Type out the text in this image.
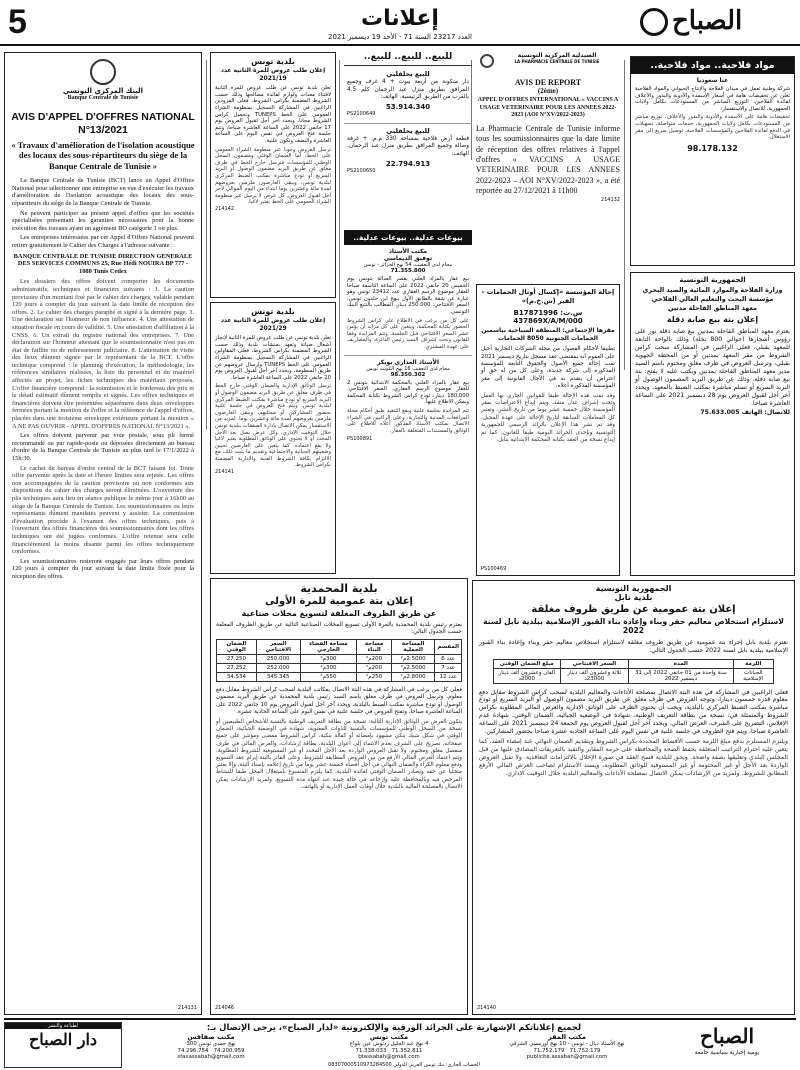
5	إعلانات
العدد 23217 السنة 71 - الأحد 19 ديسمبر 2021
الصباح
مواد فلاحية.. مواد فلاحية..
عنا سعوديا
شركة وطنية تعمل في ميدان الفلاحة والإنتاج الحيواني والمواد الفلاحية تعلن عن تخفيضات هامة في أسعار الأسمدة والأدوية والبذور والأعلاف لفائدة الفلاحين، التوزيع المباشر من المستودعات بكامل ولايات الجمهورية، للاتصال والاستفسار:
تخفيضات هامة على الأسمدة والأدوية والبذور والأعلاف، توزيع مباشر من المستودعات بكامل ولايات الجمهورية، خدمات متواصلة، تسهيلات في الدفع لفائدة الفلاحين والمؤسسات الفلاحية، توصيل سريع إلى مقر الاستغلال.
98.178.132
الجمهورية التونسية
وزارة الفلاحة والموارد المائية والصيد البحري
مؤسسة البحث والتعليم العالي الفلاحي
معهد المناطق القاحلة مدنين
إعلان بتة بيع صابة دقلة
يعتزم معهد المناطق القاحلة بمدنين بيع صابة دقلة نور على رؤوس أشجارها (حوالي 800 نخلة) وذلك بالواحة التابعة للمعهد بقبلي، فعلى الراغبين في المشاركة سحب كراس الشروط من مقر المعهد بمدنين أو من المحطة الجهوية بقبلي، وترسل العروض في ظرف مغلق ومختوم باسم السيد مدير معهد المناطق القاحلة بمدنين ويكتب عليه لا يفتح: بتة بيع صابة دقلة، وذلك عن طريق البريد المضمون الوصول أو البريد السريع أو تسلم مباشرة بمكتب الضبط بالمعهد، ويحدد آخر أجل لقبول العروض يوم 28 ديسمبر 2021 على الساعة العاشرة صباحا.
للاتصال: الهاتف 75.633.005
الصيدلية المركزية التونسية
LA PHARMACIE CENTRALE DE TUNISIE
AVIS DE REPORT
(2ème)
APPEL D'OFFRES INTERNATIONAL « VACCINS A USAGE VETERINAIRE POUR LES ANNEES 2022-2023 (AOI N°XV/2022-2023)
La Pharmacie Centrale de Tunisie informe tous les soumissionnaires que la date limite de réception des offres relatives à l'appel d'offres « VACCINS A USAGE VETERINAIRE POUR LES ANNEES 2022-2023 – AOI N°XV/2022-2023 », a été reportée au 27/12/2021 à 11h00
214132
إحالة المؤسسة «إكسال أوتال الحمامات - الفير (ش.خ.م)»
س.ت: B17871996
437869X/A/M/000
مقرها الإجتماعي: المنطقة السياحية بياسمين الحمامات الجنوبية 8050 الحمامات
تطبيقا لأحكام الفصول من مجلة الشركات التجارية أحيل على العموم أنه بمقتضى عقد مسجل بتاريخ ديسمبر 2021 تمت إحالة جميع الأصول والحقوق التابعة للمؤسسة المذكورة إلى شركة جديدة، وعلى كل من له حق أو اعتراض أن يتقدم به في الآجال القانونية إلى مقر المؤسسة المذكورة أعلاه.
وقد تمت هذه الإحالة طبقا للقوانين الجاري بها العمل وتحت إشراف عدل منفذ، ويتم إيداع الاعتراضات بمقر المؤسسة خلال خمسة عشر يوما من تاريخ النشر، وتعتبر كل المعاملات السابقة لتاريخ الإحالة على عهدة المحيل، وقد تم نشر هذا الإعلان بالرائد الرسمي للجمهورية التونسية وبإحدى الجرائد اليومية طبقا للقانون، كما تم إيداع نسخة من العقد بكتابة المحكمة الابتدائية بنابل.
PS100469
للبيع.. للبيع.. للبيع..
للبيع بحلقلبي
دار متكونة من أربعة بيوت + 4 غرف وجميع المرافق بطريق منزل عبد الرحمان كلم 4.5 بالقرب من الطريق الرئيسية. الهاتف:
53.914.340
PS2100649
للبيع بحلقلبي
قطعة أرض فلاحية بمساحة 330 م.م. + غرفة وصالة وجميع المرافق بطريق منزل عبد الرحمان. الهاتف:
22.794.913
PS2100650
بيوعات عدلية.. بيوعات عدلية..
مكتب الأستاذ
توفيق الديماسي
محام لدى التعقيب، 54 نهج الجزائر - تونس
71.355.800
بيع عقار بالمزاد العلني بقصر العدالة بتونس يوم الخميس 20 جانفي 2022 على الساعة التاسعة صباحا للعقار موضوع الرسم العقاري عدد 23412 تونس وهو عبارة عن شقة بالطابق الأول بنهج ابن خلدون تونس، السعر الافتتاحي: 250.000 دينار، المطالب بالتتبع البنك التونسي.
على كل من يرغب في الاطلاع على كراس الشروط الحضور بكتابة المحكمة، ويتعين على كل مزايد أن يؤمن عشر السعر الافتتاحي قبل الجلسة، وتتم المزايدة وفقا للقانون وتحت إشراف السيد رئيس الدائرة، والمصاريف على عهدة المشتري.
الأستاذ العذاري بوبكر
محام لدى التعقيب 16 نهج الكويت تونس
98.350.302
بيع عقار بالمزاد العلني بالمحكمة الابتدائية بتونس 2 للعقار موضوع الرسم العقاري، السعر الافتتاحي: 180.000 دينار، تودع كراس الشروط بكتابة المحكمة ويمكن الاطلاع عليها.
تتم المزايدة بجلسة علنية ويقع التنفيذ طبق أحكام مجلة المرافعات المدنية والتجارية، وعلى الراغبين في الشراء الاتصال بمكتب الأستاذ المذكور أعلاه للاطلاع على الوثائق والمستندات المتعلقة بالعقار.
PS100891
بلدية تونس
إعلان طلب عروض للمرة الثانية عدد 2021/19
تعلن بلدية تونس عن طلب عروض للمرة الثانية لاقتناء معدات ولوازم لفائدة مصالحها وذلك حسب الشروط المضمنة بكراس الشروط، فعلى المزودين الراغبين في المشاركة التسجيل بمنظومة الشراء العمومي على الخط TUNEPS وتحميل كراس الشروط مجانا، ويحدد آخر أجل لقبول العروض يوم 17 جانفي 2022 على الساعة العاشرة صباحا، وتتم جلسة فتح العروض في نفس اليوم على الساعة العاشرة والنصف وتكون علنية.
ترسل العروض وجوبا عبر منظومة الشراء العمومي على الخط، أما الضمان الوقتي ومضمون السجل الوطني للمؤسسات فترسل خارج الخط في ظرف مغلق عن طريق البريد مضمون الوصول أو البريد السريع أو تودع مباشرة بمكتب الضبط المركزي لبلدية تونس، ويبقى العارضون ملزمين بعروضهم لمدة مائة وعشرين يوما ابتداء من اليوم الموالي لآخر أجل لقبول العروض. كل عرض لا يرسل عبر منظومة الشراء العمومي على الخط يعتبر لاغيا.
214142
بلدية تونس
إعلان طلب عروض للمرة الثانية عدد 2021/29
تعلن بلدية تونس عن طلب عروض للمرة الثانية لإنجاز أشغال صيانة وتعهد بمنشآت بلدية وذلك حسب الشروط المضمنة بكراس الشروط، فعلى المقاولين الراغبين في المشاركة التسجيل بمنظومة الشراء العمومي على الخط TUNEPS وإرسال عروضهم عن طريق المنظومة، ويحدد آخر أجل لقبول العروض يوم 20 جانفي 2022 على الساعة العاشرة صباحا.
ترسل الوثائق الإدارية والضمان الوقتي خارج الخط في ظرف مغلق عن طريق البريد مضمون الوصول أو البريد السريع أو تودع مباشرة بمكتب الضبط المركزي لبلدية تونس. ويتم فتح العروض في جلسة علنية بحضور المشاركين أو ممثليهم، ويبقى العارضون ملزمين بعروضهم لمدة مائة وعشرين يوما. لمزيد من الاستفسار يمكن الاتصال بإدارة الصفقات ببلدية تونس خلال التوقيت الإداري، وكل عرض يصل بعد الأجل المحدد أو لا يحتوي على الوثائق المطلوبة يعتبر لاغيا ولا يقع اعتماده. كما يتعين على العارضين تحيين وضعيتهم الجبائية والاجتماعية وتقديم ما يثبت ذلك، مع الالتزام بكافة الشروط الفنية والإدارية المضمنة بكراس الشروط.
214141
البنك المركزي التونسي
Banque Centrale de Tunisie
AVIS D'APPEL D'OFFRES NATIONAL N°13/2021
« Travaux d'amélioration de l'isolation acoustique des locaux des sous-répartiteurs du siège de la Banque Centrale de Tunisie »

La Banque Centrale de Tunisie (BCT) lance un Appel d'Offres National pour sélectionner une entreprise en vue d'exécuter les travaux d'amélioration de l'isolation acoustique des locaux des sous-répartiteurs du siège de la Banque Centrale de Tunisie.

Ne peuvent participer au présent appel d'offres que les sociétés spécialisées présentant les garanties nécessaires pour la bonne exécution des travaux ayant un agrément BO catégorie 1 ou plus.

Les entreprises intéressées par cet Appel d'Offres National peuvent retirer gratuitement le Cahier des Charges à l'adresse suivante :

BANQUE CENTRALE DE TUNISIE DIRECTION GENERALE DES SERVICES COMMUNS 25, Rue Hédi NOUIRA BP 777 - 1080 Tunis Cedex

Les dossiers des offres doivent comporter les documents administratifs, techniques et financiers suivants : 1. La caution provisoire d'un montant fixé par le cahier des charges, valable pendant 120 jours à compter du jour suivant la date limite de réception des offres. 2. Le cahier des charges paraphé et signé à la dernière page. 3. Une déclaration sur l'honneur de non influence. 4. Une attestation de situation fiscale en cours de validité. 5. Une attestation d'affiliation à la CNSS. 6. Un extrait du registre national des entreprises. 7. Une déclaration sur l'honneur attestant que le soumissionnaire n'est pas en état de faillite ou de redressement judiciaire. 8. L'attestation de visite des lieux dûment signée par le représentant de la BCT. L'offre technique comprend : le planning d'exécution, la méthodologie, les références similaires réalisées, la liste du personnel et du matériel affectés au projet, les fiches techniques des matériaux proposés. L'offre financière comprend : la soumission et le bordereau des prix et le détail estimatif dûment remplis et signés. Les offres techniques et financières doivent être présentées séparément dans deux enveloppes fermées portant la mention de l'offre et la référence de l'appel d'offres, placées dans une troisième enveloppe extérieure portant la mention « A NE PAS OUVRIR - APPEL D'OFFRES NATIONAL N°13/2021 ».

Les offres doivent parvenir par voie postale, sous pli fermé recommandé ou par rapide-poste ou déposées directement au bureau d'ordre de la Banque Centrale de Tunisie au plus tard le 17/1/2022 à 15h:30.

Le cachet du bureau d'ordre central de la BCT faisant foi. Toute offre parvenue après la date et l'heure limites sera rejetée. Les offres non accompagnées de la caution provisoire ou non conformes aux dispositions du cahier des charges seront éliminées. L'ouverture des plis techniques aura lieu en séance publique le même jour à 16h00 au siège de la Banque Centrale de Tunisie. Les soumissionnaires ou leurs représentants dûment mandatés peuvent y assister. La commission d'évaluation procède à l'examen des offres techniques, puis à l'ouverture des offres financières des soumissionnaires dont les offres techniques ont été jugées conformes. L'offre retenue sera celle financièrement la moins disante parmi les offres techniquement conformes.

Les soumissionnaires resteront engagés par leurs offres pendant 120 jours à compter du jour suivant la date limite fixée pour la réception des offres.

214131
بلدية المحمدية
إعلان بتة عمومية للمرة الأولى
عن طريق الظروف المغلقة لتسويغ محلات صناعية
يعتزم رئيس بلدية المحمدية بالمرة الأولى تسويغ المحلات الصناعية التالية عن طريق الظروف المغلقة حسب الجدول التالي:
المقسم	المساحة الجملية	مساحة البناء	مساحة الفضاء الخارجي	السعر الافتتاحي	الضمان الوقتي
عدد 6	2.5000م²	200م²	300م²	250.000	27.250
عدد 7	2.5000م²	200م²	300م²	252.000	27.252
عدد 12	2.8000م²	250م²	550م²	345.345	34.534
فعلى كل من يرغب في المشاركة في هذه البتة الاتصال بمكاتب البلدية لسحب كراس الشروط مقابل دفع معلوم، وترسل العروض في ظرف مغلق باسم السيد رئيس بلدية المحمدية عن طريق البريد مضمون الوصول أو تودع مباشرة بمكتب الضبط بالبلدية، ويحدد آخر أجل لقبول العروض يوم 10 جانفي 2022 على الساعة العاشرة صباحا، وتفتح العروض في جلسة علنية في نفس اليوم على الساعة الحادية عشرة.
يتكون العرض من الوثائق الإدارية التالية: نسخة من بطاقة التعريف الوطنية بالنسبة للأشخاص الطبيعيين أو نسخة من السجل الوطني للمؤسسات بالنسبة للذوات المعنوية، شهادة في الوضعية الجبائية، الضمان الوقتي في شكل شيك بنكي مشهود بإمضائه أو كفالة بنكية، كراس الشروط ممضى ومؤشر على جميع صفحاته، تصريح على الشرف بعدم الانتماء إلى أعوان البلدية، بطاقة إرشادات، والعرض المالي في ظرف منفصل مغلق ومختوم. ولا تقبل العروض الواردة بعد الأجل المحدد أو غير المستوفية للشروط المطلوبة. ويتم اعتماد العرض المالي الأرفع من بين العروض المطابقة للشروط. وعلى الفائز بالبتة إبرام عقد التسويغ ودفع معلوم الكراء والضمان النهائي في أجل أقصاه خمسة عشر يوما من تاريخ إعلامه بإسناد البتة، وإلا يعتبر متخليا عن حقه ويصادر الضمان الوقتي لفائدة البلدية. كما يلتزم المتسوغ باستغلال المحل طبقا للنشاط المرخص فيه وبالمحافظة عليه وإرجاعه في حالة جيدة عند انتهاء مدة التسويغ. ولمزيد الإرشادات يمكن الاتصال بالمصلحة المالية بالبلدية خلال أوقات العمل الإدارية أو بالهاتف.
214046
الجمهورية التونسية
بلدية نابل
إعلان بتة عمومية عن طريق ظروف مغلقة
لاستلزام استخلاص معاليم حفر وبناء وإعادة بناء القبور الإسلامية ببلدية نابل لسنة 2022
تعتزم بلدية نابل إجراء بتة عمومية عن طريق ظروف مغلقة لاستلزام استخلاص معاليم حفر وبناء وإعادة بناء القبور الإسلامية ببلدية نابل لسنة 2022 حسب الجدول التالي:
اللزمة	المدة	السعر الافتتاحي	مبلغ الضمان الوقتي
الجبانات الإسلامية	سنة واحدة من 01 جانفي 2022 إلى 31 ديسمبر 2022	ثلاثة وعشرون ألف دينار 23000د	ألفان وعشرون ألف دينار 2000د
فعلى الراغبين في المشاركة في هذه البتة الاتصال بمصلحة الأداءات والمعاليم البلدية لسحب كراس الشروط مقابل دفع معلوم قدره خمسون دينارا، وتوجه العروض في ظرف مغلق عن طريق البريد مضمون الوصول أو البريد السريع أو تودع مباشرة بمكتب الضبط المركزي بالبلدية، ويجب أن يحتوي الظرف على الوثائق الإدارية والعرض المالي المطلوبة بكراس الشروط والمتمثلة في: نسخة من بطاقة التعريف الوطنية، شهادة في الوضعية الجبائية، الضمان الوقتي، شهادة عدم الإفلاس، التصريح على الشرف، العرض المالي. ويحدد آخر أجل لقبول العروض يوم الجمعة 24 ديسمبر 2021 على الساعة العاشرة صباحا، ويتم فتح الظروف في جلسة علنية في نفس اليوم على الساعة الحادية عشرة صباحا بحضور المشاركين.
ويلتزم المستلزم بدفع مبلغ اللزمة حسب الأقساط المحددة بكراس الشروط وبتقديم الضمان النهائي عند إمضاء العقد، كما يتعين عليه احترام التراتيب المتعلقة بحفظ الصحة والمحافظة على حرمة المقابر والتقيد بالتعريفات المصادق عليها من قبل المجلس البلدي وتعليقها بصفة واضحة. ويحق للبلدية فسخ العقد في صورة الإخلال بالالتزامات التعاقدية. ولا تقبل العروض الواردة بعد الأجل أو غير المختومة أو غير المستوفية للوثائق المطلوبة، ويسند الاستلزام لصاحب العرض المالي الأرفع المطابق للشروط. ولمزيد من الإرشادات يمكن الاتصال بمصلحة الأداءات والمعاليم البلدية خلال التوقيت الإداري.
214140
لجميع إعلاناتكم الإشهارية على الجرائد الورقية والإلكترونية «لدار الصباح»، يرجى الإتصال بـ:
لطباعة والنشر
دار الصباح	مكتب صفاقس
نهج حمدي تونس 300
74.200.959   74.296.754
sfaxassabah@gmail.com
مكتب تونس
4 نهج عبد الجليل زدنوش عين بلواج
71.352.811   71.338.033
btassabah@gmail.com
مكتب المقر
نهج الأستاذ دبال - تونس - 10 نهج اوزبسبي الشرقي
71.752.179   71.752.179
publicite.assabah@gmail.com
الصباح
يومية إخبارية سياسية جامعة
الحساب الجاري: بنك تونس العربي الدولي 08307000510973284500
